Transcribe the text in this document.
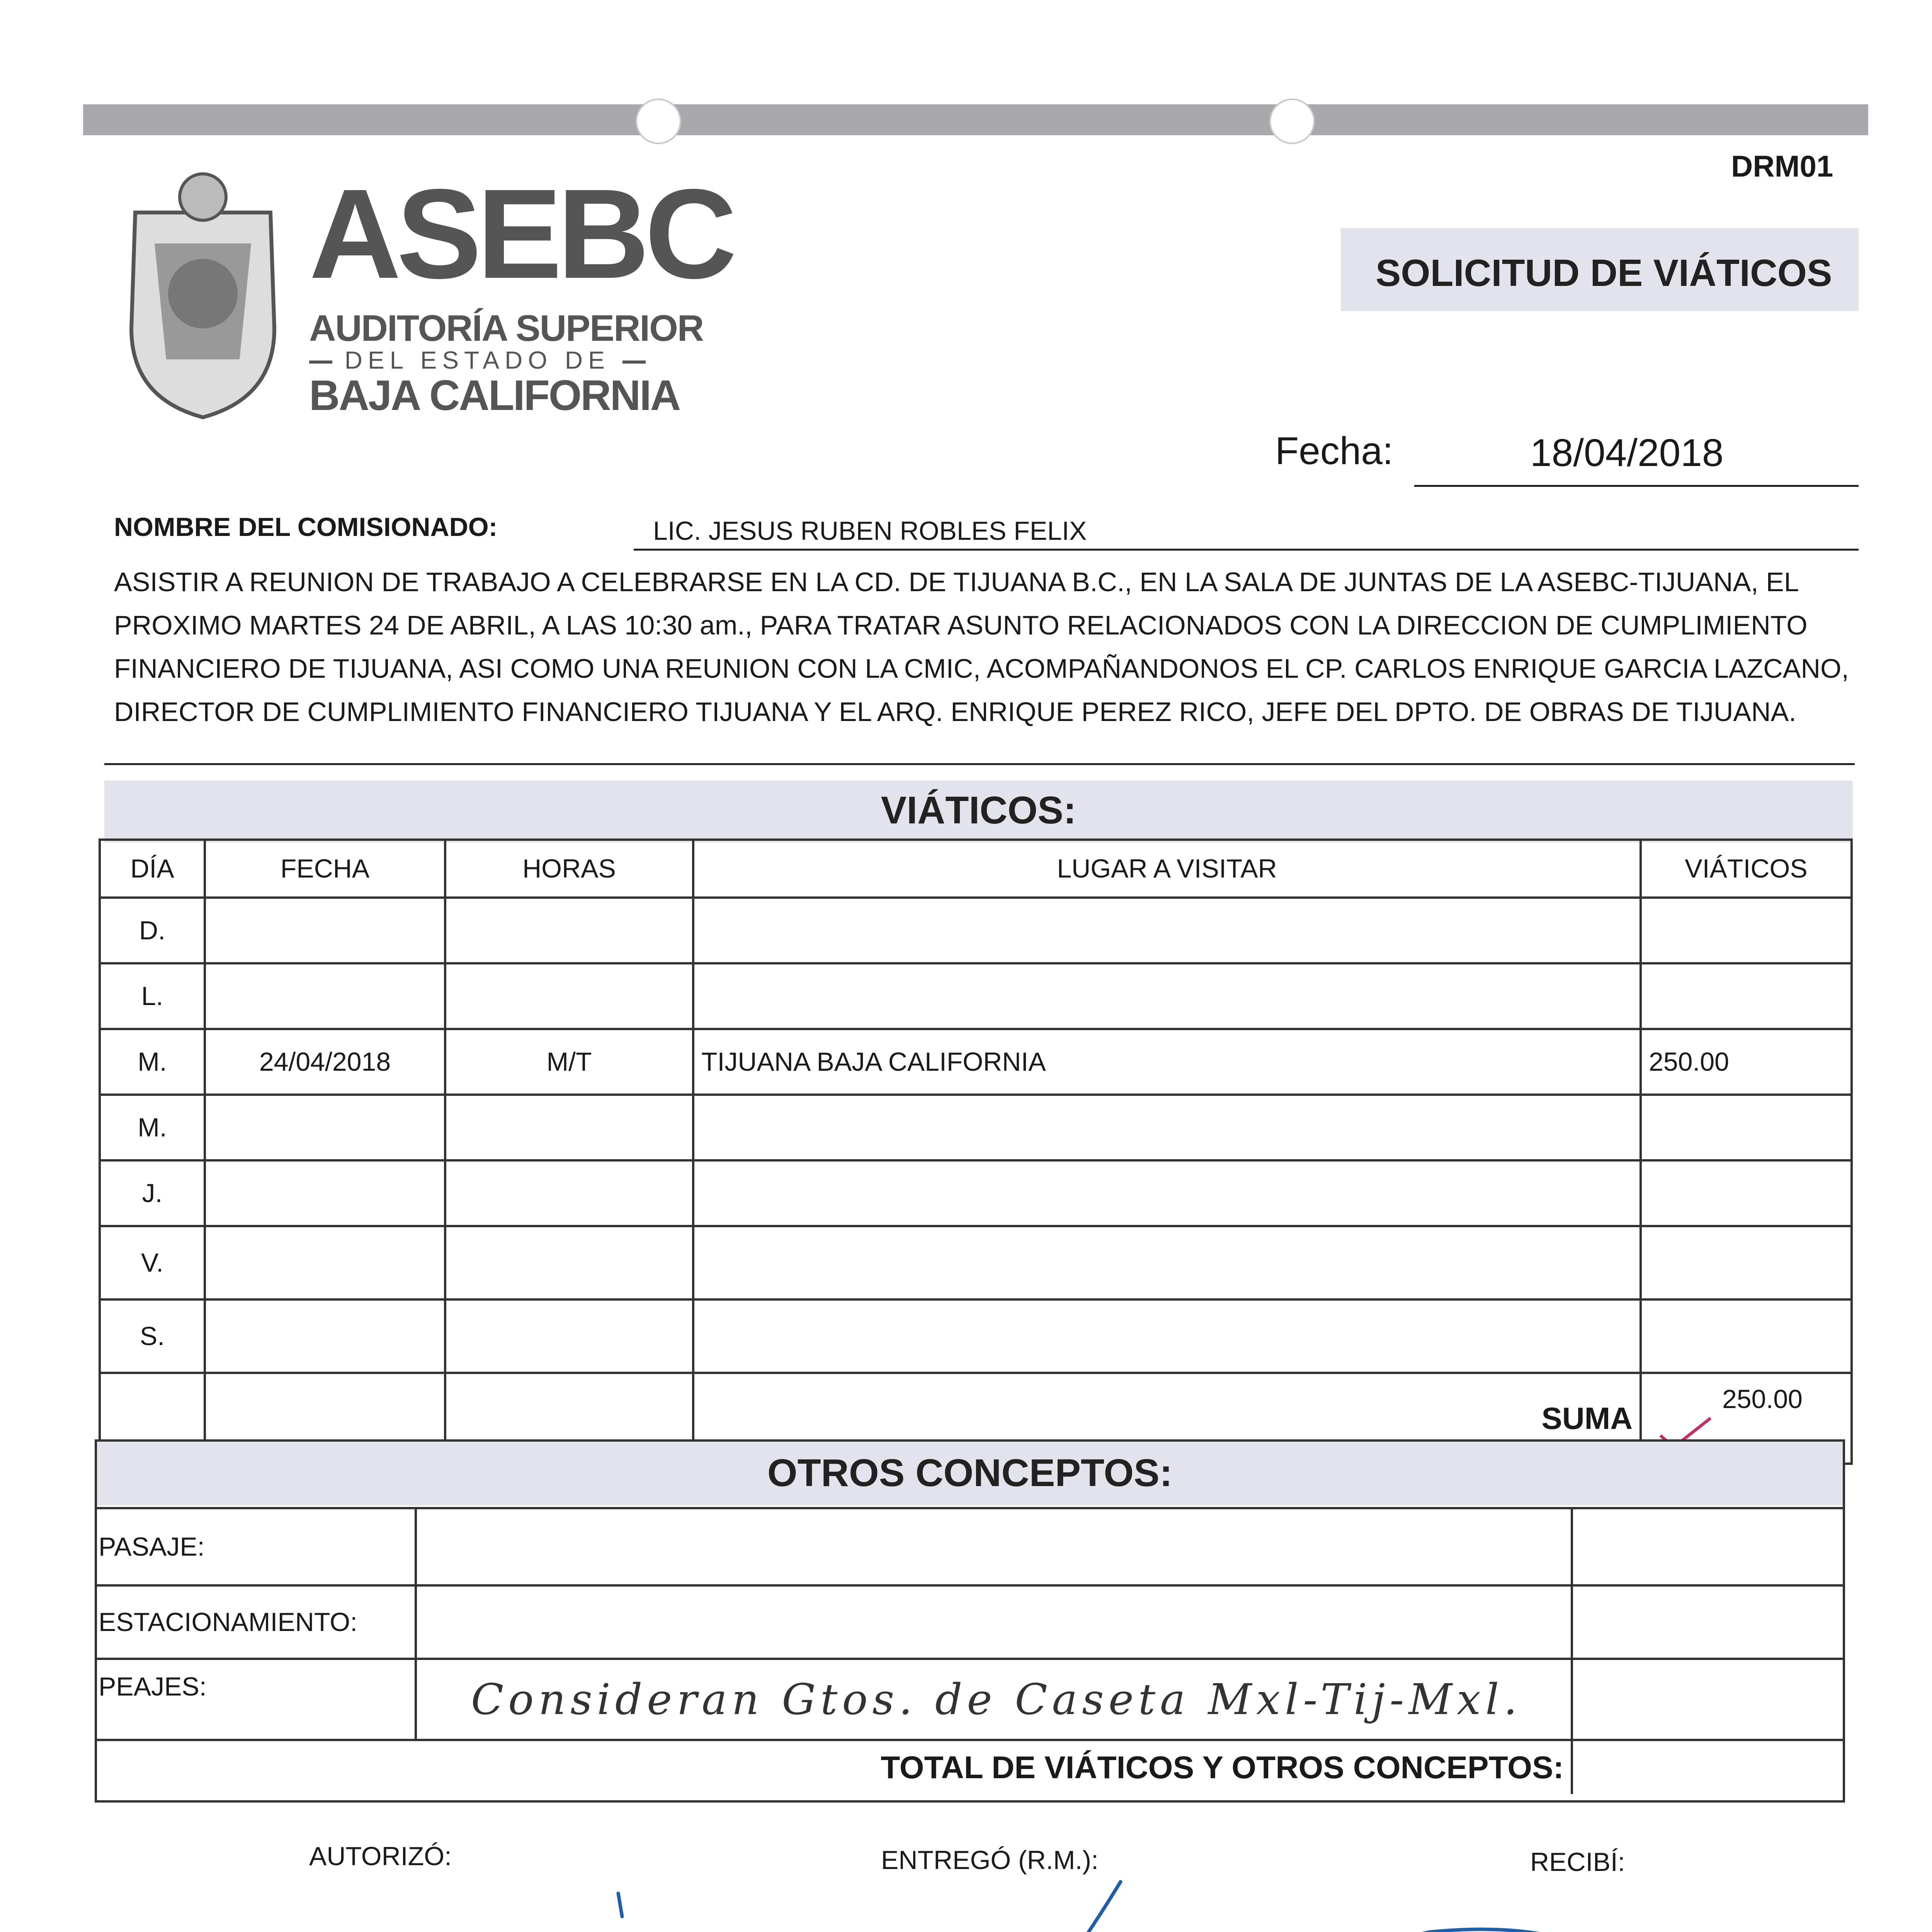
DRM01
ASEBC
AUDITORÍA SUPERIOR
DEL ESTADO DE
BAJA CALIFORNIA
SOLICITUD DE VIÁTICOS
Fecha:	18/04/2018
NOMBRE DEL COMISIONADO:	LIC. JESUS RUBEN ROBLES FELIX
ASISTIR A REUNION DE TRABAJO A CELEBRARSE EN LA CD. DE TIJUANA B.C., EN LA SALA DE JUNTAS DE LA ASEBC-TIJUANA, EL
PROXIMO MARTES 24 DE ABRIL, A LAS 10:30 am., PARA TRATAR ASUNTO RELACIONADOS CON LA DIRECCION DE CUMPLIMIENTO
FINANCIERO DE TIJUANA, ASI COMO UNA REUNION CON LA CMIC, ACOMPAÑANDONOS EL CP. CARLOS ENRIQUE GARCIA LAZCANO,
DIRECTOR DE CUMPLIMIENTO FINANCIERO TIJUANA Y EL ARQ. ENRIQUE PEREZ RICO, JEFE DEL DPTO. DE OBRAS DE TIJUANA.
VIÁTICOS:
DÍA	FECHA	HORAS	LUGAR A VISITAR	VIÁTICOS
D.				
L.				
M.	24/04/2018	M/T	TIJUANA BAJA CALIFORNIA	250.00
M.				
J.				
V.				
S.				
			SUMA	250.00
OTROS CONCEPTOS:
PASAJE:		
ESTACIONAMIENTO:		
PEAJES:	Consideran Gtos. de Caseta Mxl-Tij-Mxl.	
TOTAL DE VIÁTICOS Y OTROS CONCEPTOS:		
AUTORIZÓ:	ENTREGÓ (R.M.):	RECIBÍ:
